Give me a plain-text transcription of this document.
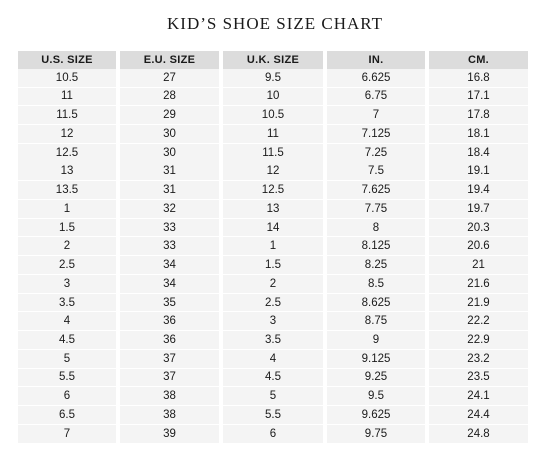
KID’S SHOE SIZE CHART
U.S. SIZE	E.U. SIZE	U.K. SIZE	IN.	CM.
10.5	27	9.5	6.625	16.8
11	28	10	6.75	17.1
11.5	29	10.5	7	17.8
12	30	11	7.125	18.1
12.5	30	11.5	7.25	18.4
13	31	12	7.5	19.1
13.5	31	12.5	7.625	19.4
1	32	13	7.75	19.7
1.5	33	14	8	20.3
2	33	1	8.125	20.6
2.5	34	1.5	8.25	21
3	34	2	8.5	21.6
3.5	35	2.5	8.625	21.9
4	36	3	8.75	22.2
4.5	36	3.5	9	22.9
5	37	4	9.125	23.2
5.5	37	4.5	9.25	23.5
6	38	5	9.5	24.1
6.5	38	5.5	9.625	24.4
7	39	6	9.75	24.8
